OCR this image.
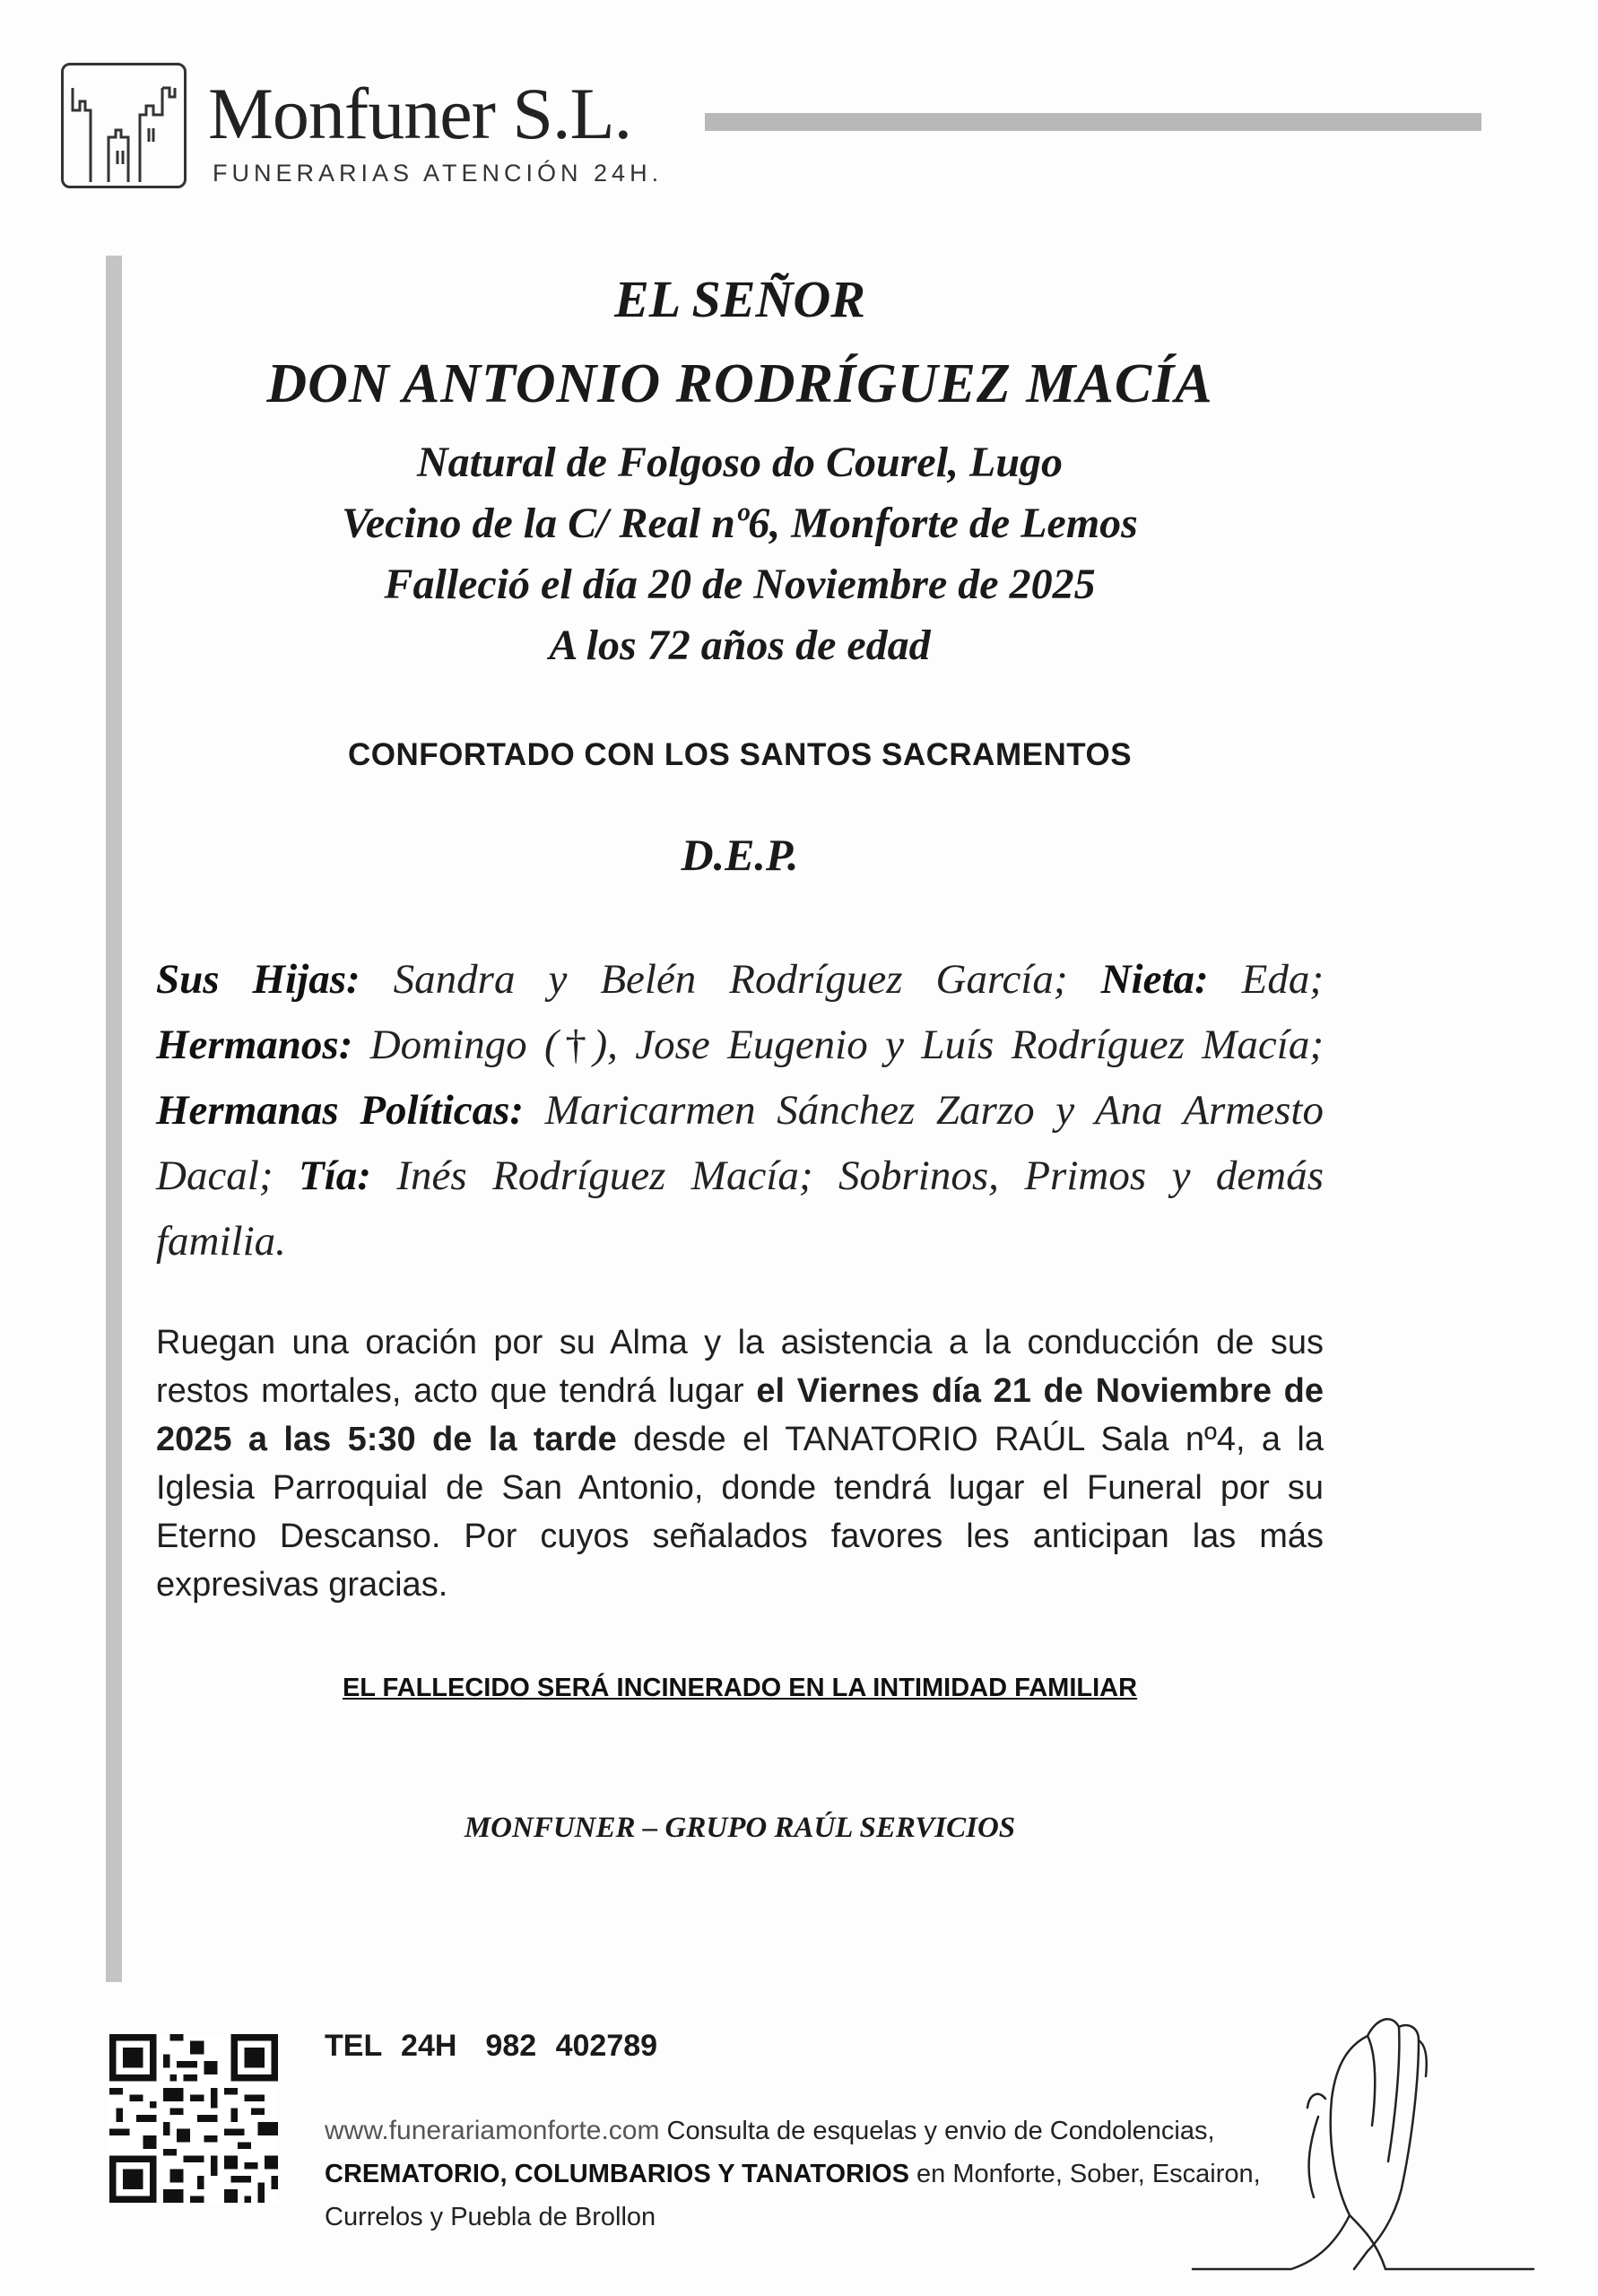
Monfuner S.L.
FUNERARIAS ATENCIÓN 24H.
EL SEÑOR
DON ANTONIO RODRÍGUEZ MACÍA
Natural de Folgoso do Courel, Lugo
Vecino de la C/ Real nº6, Monforte de Lemos
Falleció el día 20 de Noviembre de 2025
A los 72 años de edad
CONFORTADO CON LOS SANTOS SACRAMENTOS
D.E.P.
Sus Hijas: Sandra y Belén Rodríguez García; Nieta: Eda; Hermanos: Domingo (†), Jose Eugenio y Luís Rodríguez Macía; Hermanas Políticas: Maricarmen Sánchez Zarzo y Ana Armesto Dacal; Tía: Inés Rodríguez Macía; Sobrinos, Primos y demás familia.
Ruegan una oración por su Alma y la asistencia a la conducción de sus restos mortales, acto que tendrá lugar el Viernes día 21 de Noviembre de 2025 a las 5:30 de la tarde desde el TANATORIO RAÚL Sala nº4, a la Iglesia Parroquial de San Antonio, donde tendrá lugar el Funeral por su Eterno Descanso. Por cuyos señalados favores les anticipan las más expresivas gracias.
EL FALLECIDO SERÁ INCINERADO EN LA INTIMIDAD FAMILIAR
MONFUNER – GRUPO RAÚL SERVICIOS
TEL 24H 982 402789
www.funerariamonforte.com Consulta de esquelas y envio de Condolencias, CREMATORIO, COLUMBARIOS Y TANATORIOS en Monforte, Sober, Escairon, Currelos y Puebla de Brollon
